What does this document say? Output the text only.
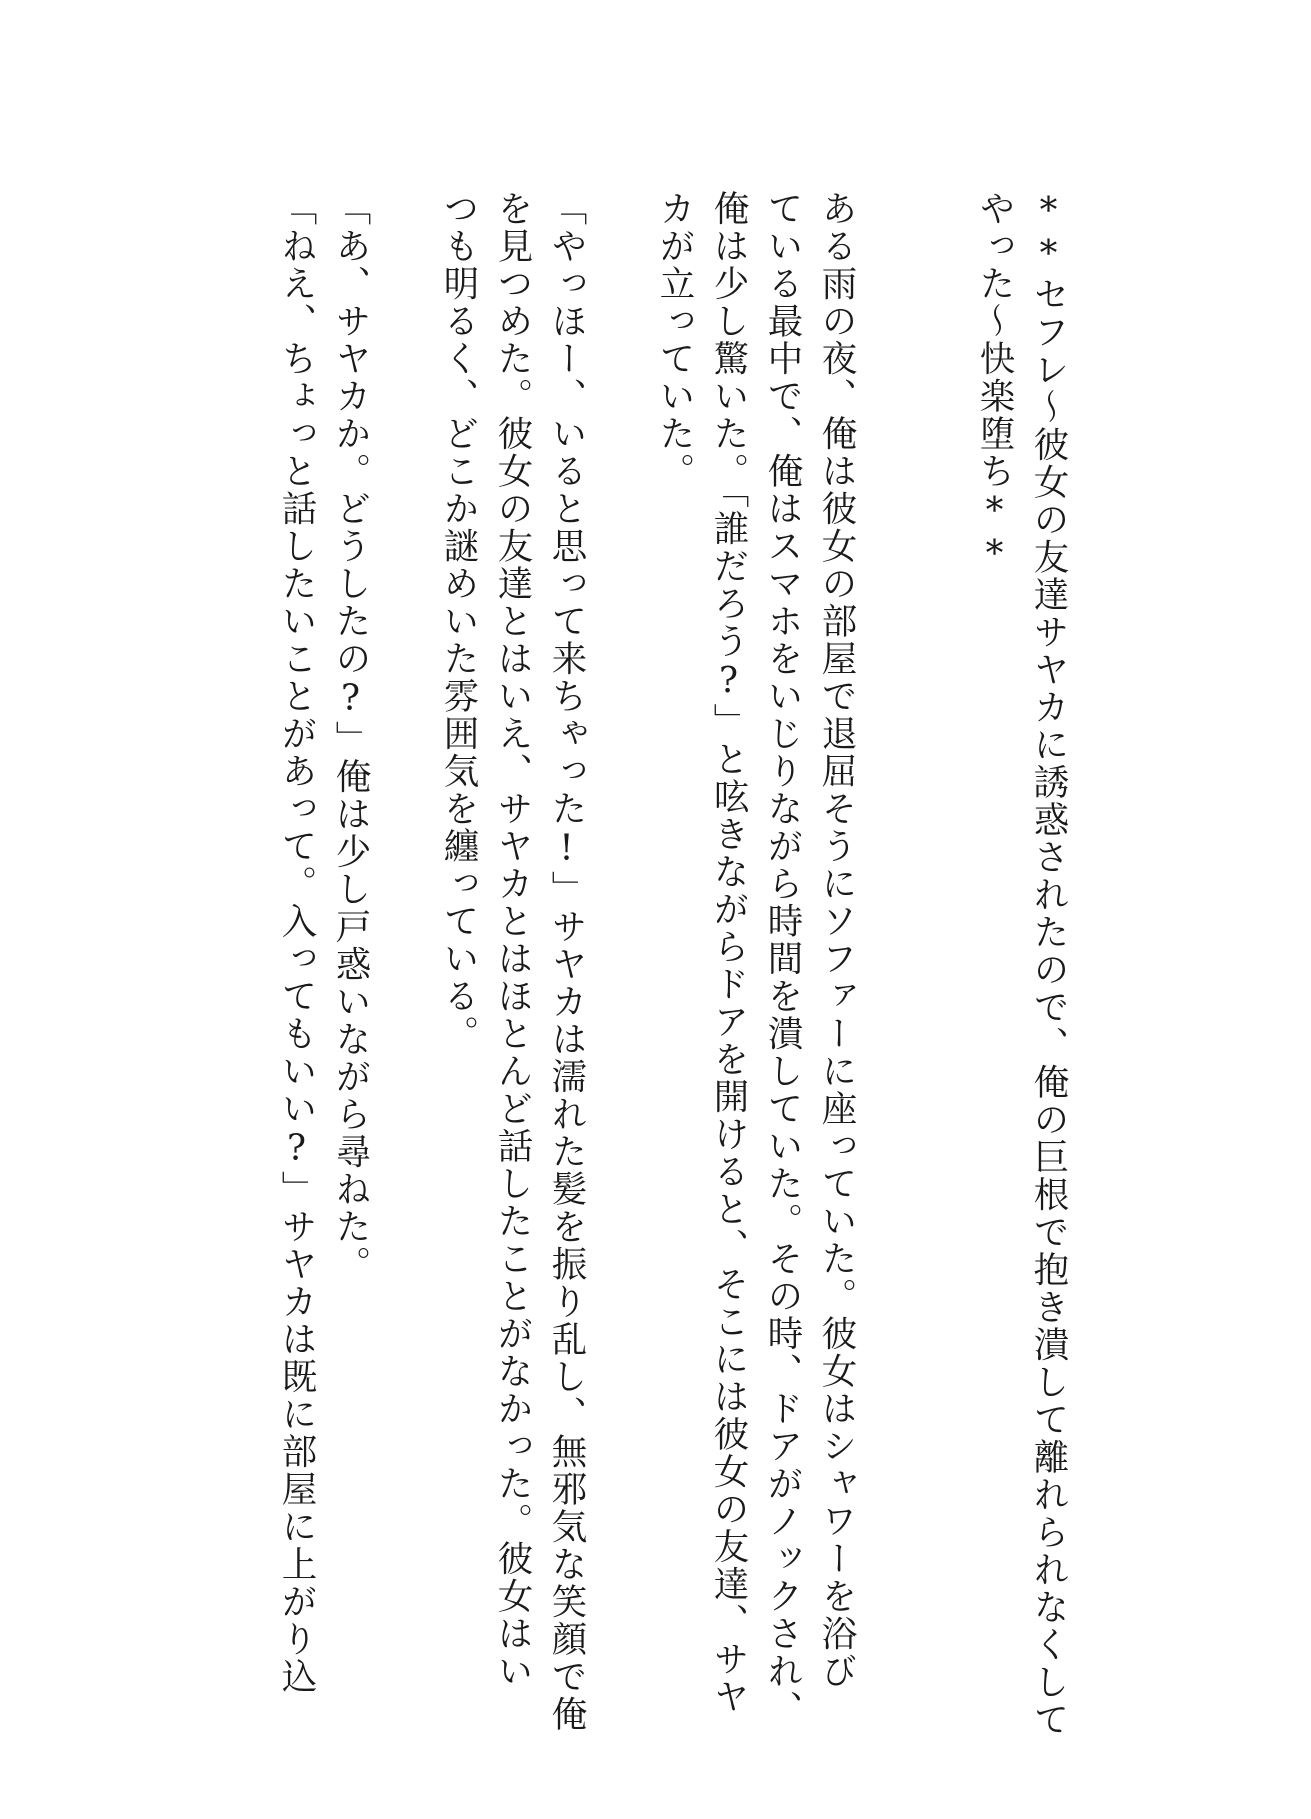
**セフレ〜彼女の友達サヤカに誘惑されたので、俺の巨根で抱き潰して離れられなくして

やった〜快楽堕ち**

ある雨の夜、俺は彼女の部屋で退屈そうにソファーに座っていた。彼女はシャワーを浴び

ている最中で、俺はスマホをいじりながら時間を潰していた。その時、ドアがノックされ、

俺は少し驚いた。「誰だろう?」と呟きながらドアを開けると、そこには彼女の友達、サヤ

カが立っていた。

「やっほー、いると思って来ちゃった!」サヤカは濡れた髪を振り乱し、無邪気な笑顔で俺

を見つめた。彼女の友達とはいえ、サヤカとはほとんど話したことがなかった。彼女はい

つも明るく、どこか謎めいた雰囲気を纏っている。

「あ、サヤカか。どうしたの?」俺は少し戸惑いながら尋ねた。

「ねえ、ちょっと話したいことがあって。入ってもいい?」サヤカは既に部屋に上がり込
